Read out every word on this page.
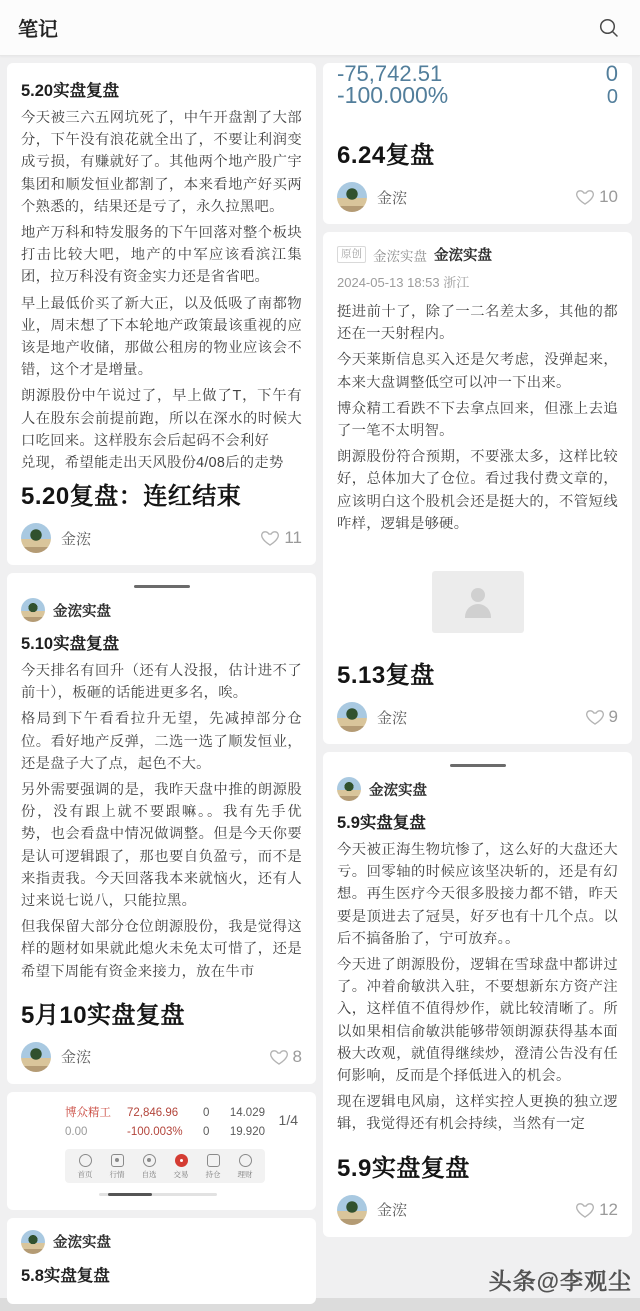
笔记
5.20实盘复盘
今天被三六五网坑死了，中午开盘割了大部分，下午没有浪花就全出了，不要让利润变成亏损，有赚就好了。其他两个地产股广宇集团和顺发恒业都割了，本来看地产好买两个熟悉的，结果还是亏了，永久拉黑吧。
地产万科和特发服务的下午回落对整个板块打击比较大吧，地产的中军应该看滨江集团，拉万科没有资金实力还是省省吧。
早上最低价买了新大正，以及低吸了南都物业，周末想了下本轮地产政策最该重视的应该是地产收储，那做公租房的物业应该会不错，这个才是增量。
朗源股份中午说过了，早上做了T，下午有人在股东会前提前跑，所以在深水的时候大口吃回来。这样股东会后起码不会利好
兑现，希望能走出天风股份4/08后的走势
5.20复盘：连红结束
金浤	11
金浤实盘
5.10实盘复盘
今天排名有回升（还有人没报，估计进不了前十），板砸的话能进更多名，唉。
格局到下午看看拉升无望，先减掉部分仓位。看好地产反弹，二选一选了顺发恒业，还是盘子大了点，起色不大。
另外需要强调的是，我昨天盘中推的朗源股份，没有跟上就不要跟嘛。。我有先手优势，也会看盘中情况做调整。但是今天你要是认可逻辑跟了，那也要自负盈亏，而不是来指责我。今天回落我本来就恼火，还有人过来说七说八，只能拉黑。
但我保留大部分仓位朗源股份，我是觉得这样的题材如果就此熄火未免太可惜了，还是希望下周能有资金来接力，放在牛市
5月10实盘复盘
金浤	8
博众精工	72,846.96	0	14.029
0.00	-100.003%	0	19.920
首页 行情 自选 交易 持仓 理财
1/4
金浤实盘
5.8实盘复盘
-75,742.51	0
-100.000%	0
6.24复盘
金浤	10
原创 金浤实盘 金浤实盘
2024-05-13 18:53 浙江
挺进前十了，除了一二名差太多，其他的都还在一天射程内。
今天莱斯信息买入还是欠考虑，没弹起来，本来大盘调整低空可以冲一下出来。
博众精工看跌不下去拿点回来，但涨上去追了一笔不太明智。
朗源股份符合预期，不要涨太多，这样比较好，总体加大了仓位。看过我付费文章的，应该明白这个股机会还是挺大的，不管短线咋样，逻辑是够硬。
5.13复盘
金浤	9
金浤实盘
5.9实盘复盘
今天被正海生物坑惨了，这么好的大盘还大亏。回零轴的时候应该坚决斩的，还是有幻想。再生医疗今天很多股接力都不错，昨天要是顶进去了冠昊，好歹也有十几个点。以后不搞备胎了，宁可放弃。。
今天进了朗源股份，逻辑在雪球盘中都讲过了。冲着俞敏洪入驻，不要想新东方资产注入，这样值不值得炒作，就比较清晰了。所以如果相信俞敏洪能够带领朗源获得基本面极大改观，就值得继续炒，澄清公告没有任何影响，反而是个择低进入的机会。
现在逻辑电风扇，这样实控人更换的独立逻辑，我觉得还有机会持续，当然有一定
5.9实盘复盘
金浤	12
头条@李观尘
